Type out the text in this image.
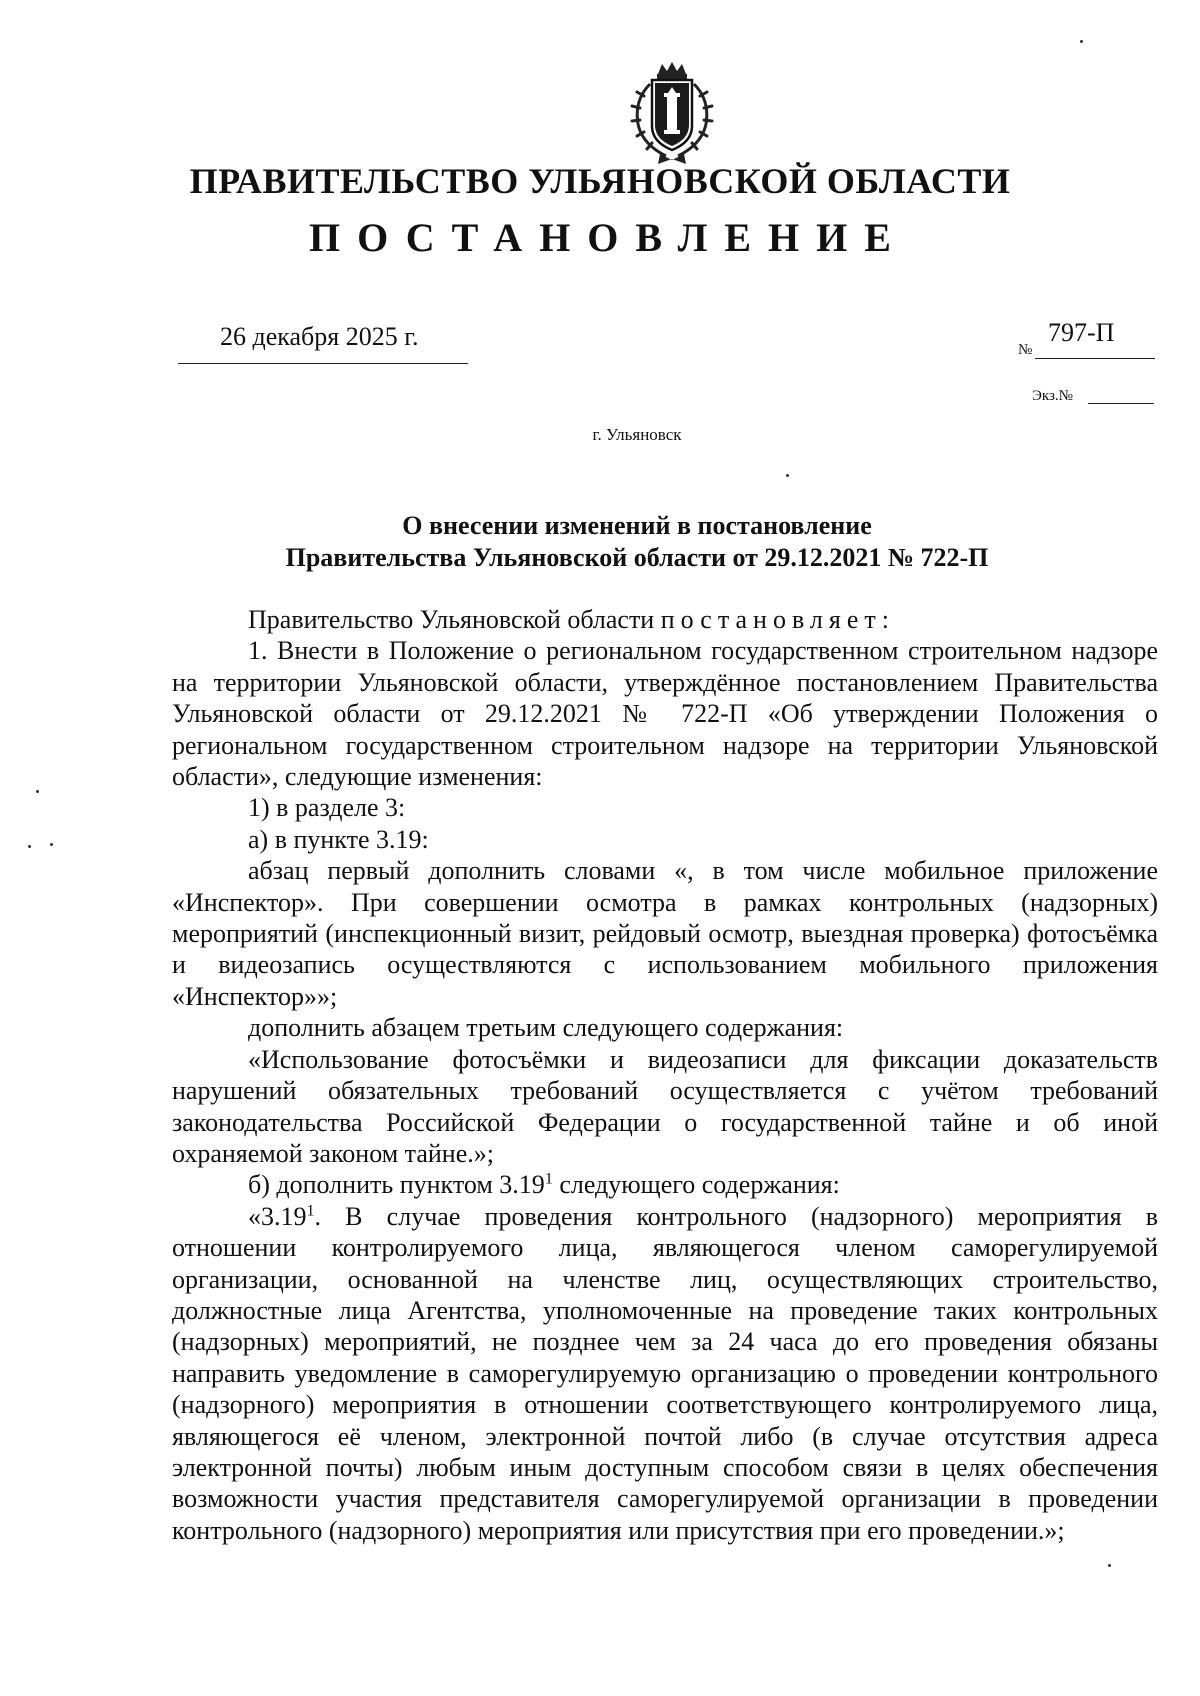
ПРАВИТЕЛЬСТВО УЛЬЯНОВСКОЙ ОБЛАСТИ
ПОСТАНОВЛЕНИЕ
26 декабря 2025 г.	№
797-П
Экз.№
г. Ульяновск
О внесении изменений в постановление
Правительства Ульяновской области от 29.12.2021 № 722-П

Правительство Ульяновской области постановляет:

1. Внести в Положение о региональном государственном строительном надзоре на территории Ульяновской области, утверждённое постановлением Правительства Ульяновской области от 29.12.2021 № 722-П «Об утверждении Положения о региональном государственном строительном надзоре на территории Ульяновской области», следующие изменения:

1) в разделе 3:

а) в пункте 3.19:

абзац первый дополнить словами «, в том числе мобильное приложение «Инспектор». При совершении осмотра в рамках контрольных (надзорных) мероприятий (инспекционный визит, рейдовый осмотр, выездная проверка) фотосъёмка и видеозапись осуществляются с использованием мобильного приложения «Инспектор»»;

дополнить абзацем третьим следующего содержания:

«Использование фотосъёмки и видеозаписи для фиксации доказательств нарушений обязательных требований осуществляется с учётом требований законодательства Российской Федерации о государственной тайне и об иной охраняемой законом тайне.»;

б) дополнить пунктом 3.19$^1$ следующего содержания:

«3.19$^1$. В случае проведения контрольного (надзорного) мероприятия в отношении контролируемого лица, являющегося членом саморегулируемой организации, основанной на членстве лиц, осуществляющих строительство, должностные лица Агентства, уполномоченные на проведение таких контрольных (надзорных) мероприятий, не позднее чем за 24 часа до его проведения обязаны направить уведомление в саморегулируемую организацию о проведении контрольного (надзорного) мероприятия в отношении соответствующего контролируемого лица, являющегося её членом, электронной почтой либо (в случае отсутствия адреса электронной почты) любым иным доступным способом связи в целях обеспечения возможности участия представителя саморегулируемой организации в проведении контрольного (надзорного) мероприятия или присутствия при его проведении.»;
